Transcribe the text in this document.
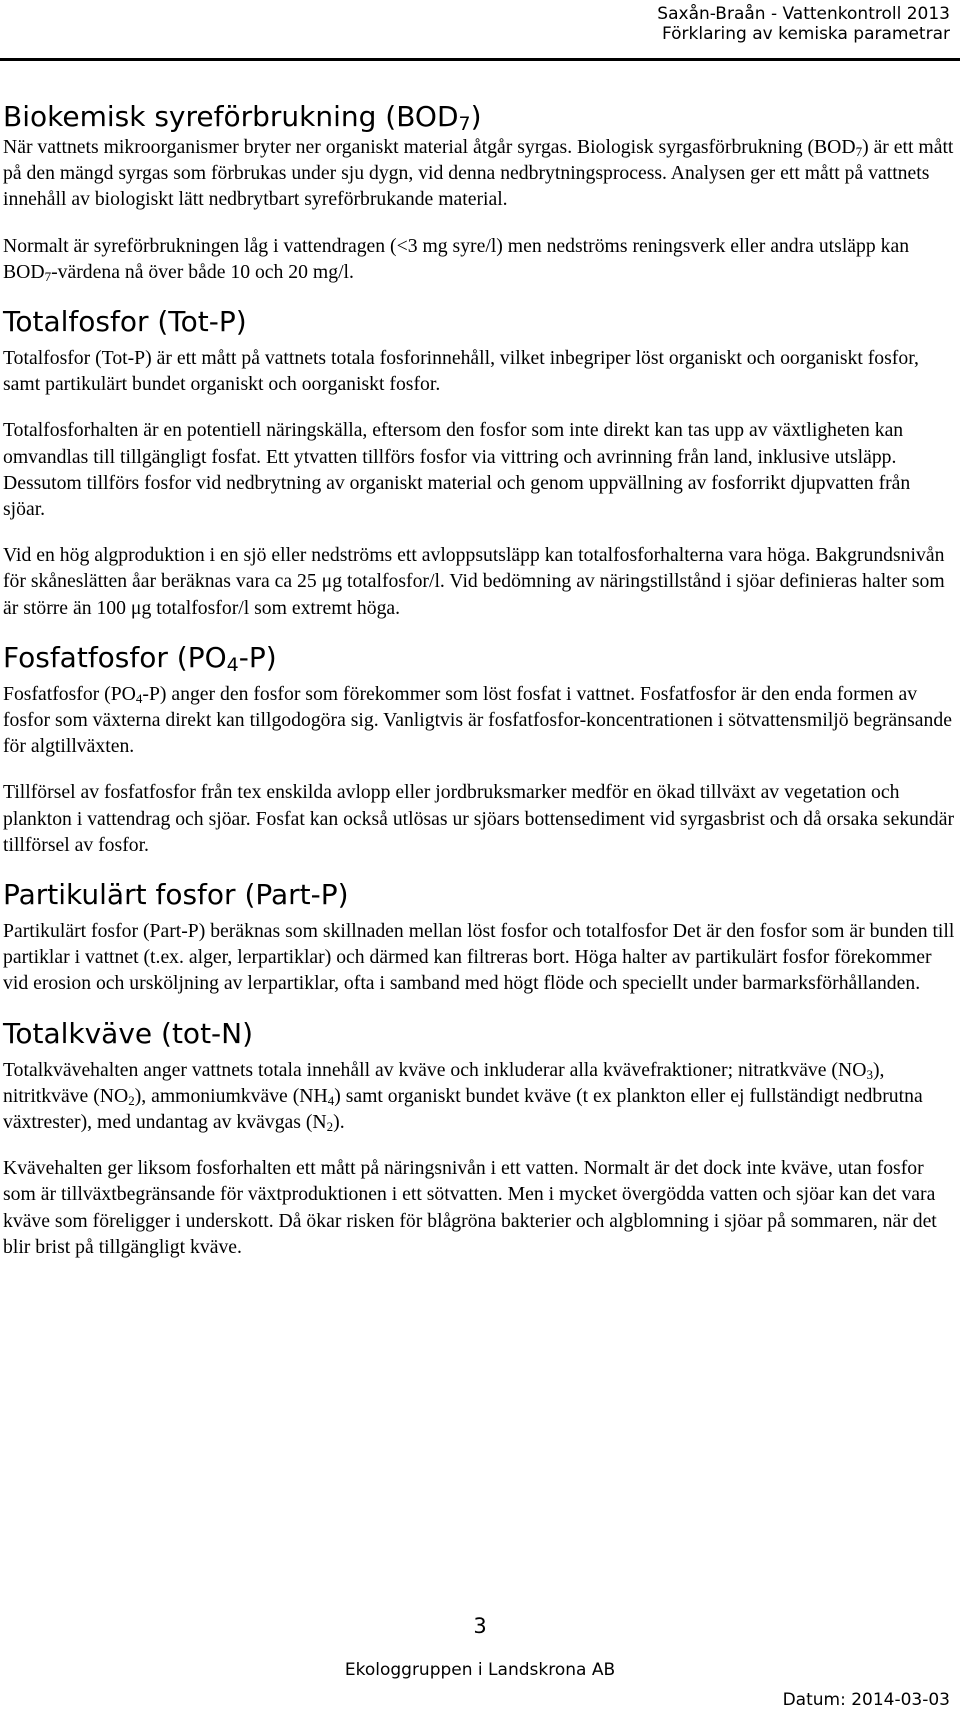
Saxån-Braån - Vattenkontroll 2013
Förklaring av kemiska parametrar
Biokemisk syreförbrukning $(BOD_7)$

När vattnets mikroorganismer bryter ner organiskt material åtgår syrgas. Biologisk syrgasförbrukning $(BOD_7)$ är ett mått på den mängd syrgas som förbrukas under sju dygn, vid denna nedbrytningsprocess. Analysen ger ett mått på vattnets innehåll av biologiskt lätt nedbrytbart syreförbrukande material.

Normalt är syreförbrukningen låg i vattendragen (<3 mg syre/l) men nedströms reningsverk eller andra utsläpp kan $BOD_7$-värdena nå över både 10 och 20 mg/l.

Totalfosfor (Tot-P)

Totalfosfor (Tot-P) är ett mått på vattnets totala fosforinnehåll, vilket inbegriper löst organiskt och oorganiskt fosfor, samt partikulärt bundet organiskt och oorganiskt fosfor.

Totalfosforhalten är en potentiell näringskälla, eftersom den fosfor som inte direkt kan tas upp av växtligheten kan omvandlas till tillgängligt fosfat. Ett ytvatten tillförs fosfor via vittring och avrinning från land, inklusive utsläpp. Dessutom tillförs fosfor vid nedbrytning av organiskt material och genom uppvällning av fosforrikt djupvatten från sjöar.

Vid en hög algproduktion i en sjö eller nedströms ett avloppsutsläpp kan totalfosforhalterna vara höga. Bakgrundsnivån för skåneslätten åar beräknas vara ca 25 μg totalfosfor/l. Vid bedömning av näringstillstånd i sjöar definieras halter som är större än 100 μg totalfosfor/l som extremt höga.

Fosfatfosfor $(PO_4-P)$

Fosfatfosfor $(PO_4-P)$ anger den fosfor som förekommer som löst fosfat i vattnet. Fosfatfosfor är den enda formen av fosfor som växterna direkt kan tillgodogöra sig. Vanligtvis är fosfatfosfor-koncentrationen i sötvattensmiljö begränsande för algtillväxten.

Tillförsel av fosfatfosfor från tex enskilda avlopp eller jordbruksmarker medför en ökad tillväxt av vegetation och plankton i vattendrag och sjöar. Fosfat kan också utlösas ur sjöars bottensediment vid syrgasbrist och då orsaka sekundär tillförsel av fosfor.

Partikulärt fosfor (Part-P)

Partikulärt fosfor (Part-P) beräknas som skillnaden mellan löst fosfor och totalfosfor Det är den fosfor som är bunden till partiklar i vattnet (t.ex. alger, lerpartiklar) och därmed kan filtreras bort. Höga halter av partikulärt fosfor förekommer vid erosion och ursköljning av lerpartiklar, ofta i samband med högt flöde och speciellt under barmarksförhållanden.

Totalkväve (tot-N)

Totalkvävehalten anger vattnets totala innehåll av kväve och inkluderar alla kvävefraktioner; nitratkväve $(NO_3)$, nitritkväve $(NO_2)$, ammoniumkväve $(NH_4)$ samt organiskt bundet kväve (t ex plankton eller ej fullständigt nedbrutna växtrester), med undantag av kvävgas $(N_2)$.

Kvävehalten ger liksom fosforhalten ett mått på näringsnivån i ett vatten. Normalt är det dock inte kväve, utan fosfor som är tillväxtbegränsande för växtproduktionen i ett sötvatten. Men i mycket övergödda vatten och sjöar kan det vara kväve som föreligger i underskott. Då ökar risken för blågröna bakterier och algblomning i sjöar på sommaren, när det blir brist på tillgängligt kväve.

3
Ekologgruppen i Landskrona AB
Datum: 2014-03-03
